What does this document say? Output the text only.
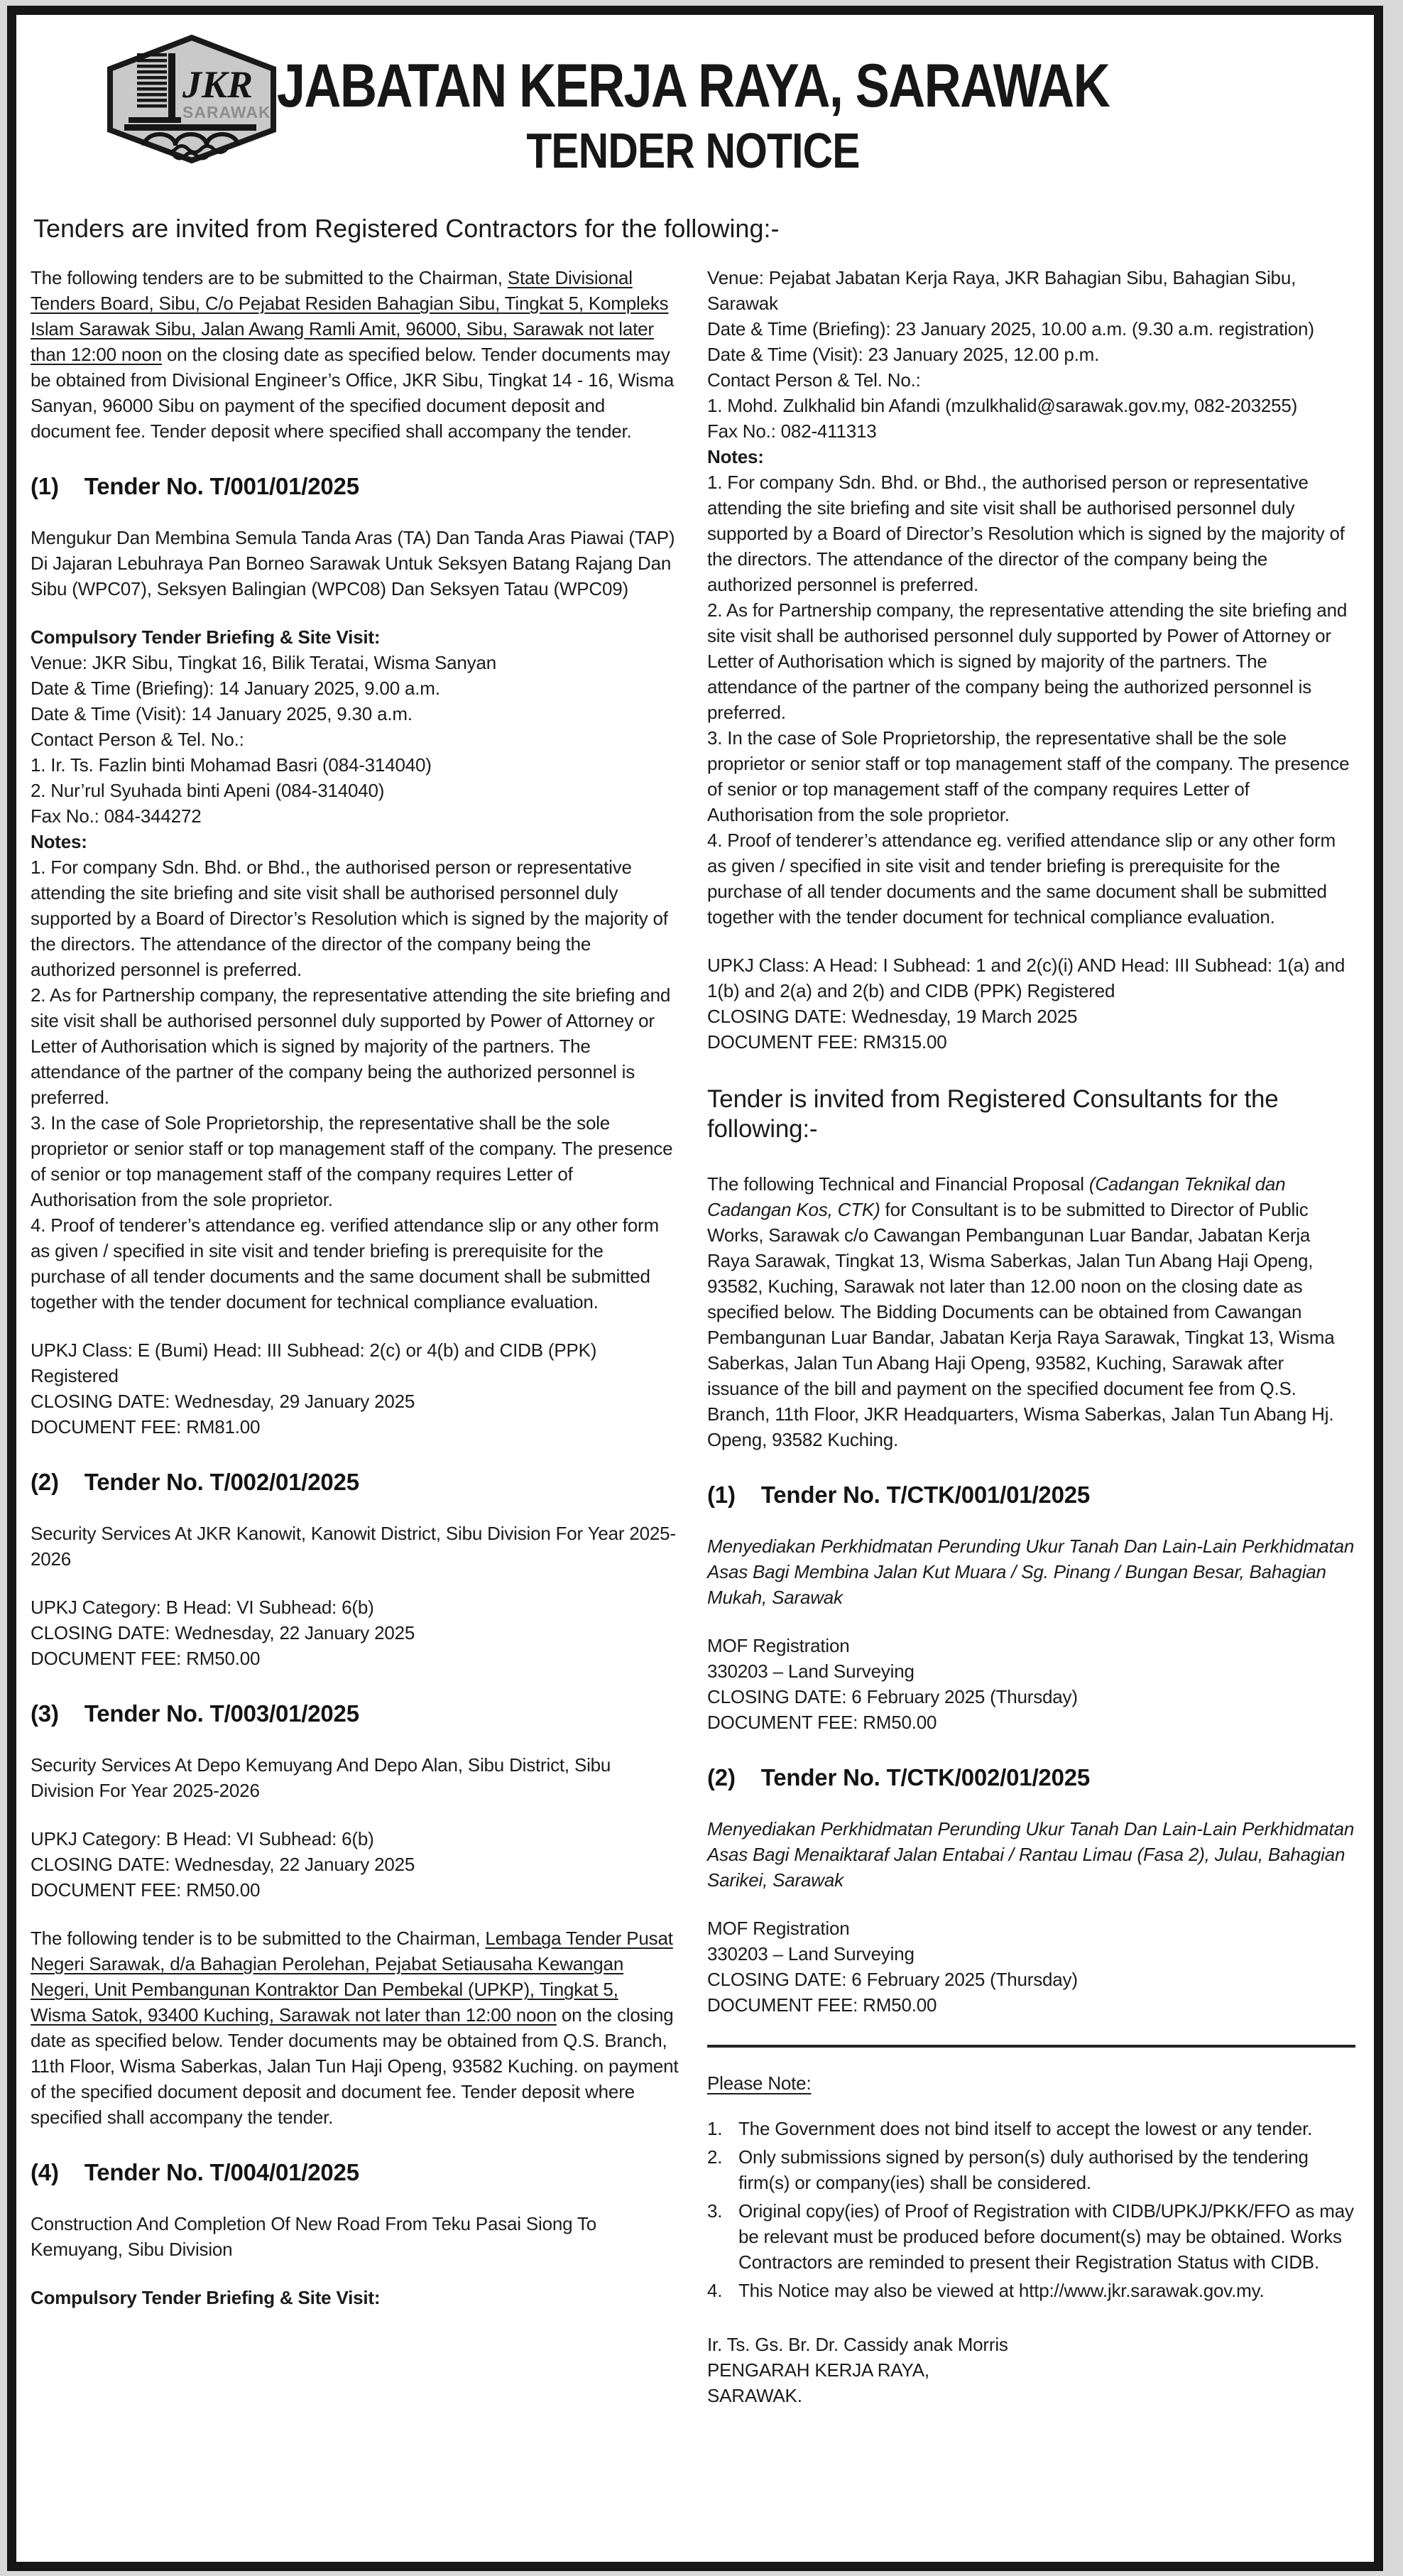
JKR
SARAWAK JABATAN KERJA RAYA, SARAWAK
TENDER NOTICE
Tenders are invited from Registered Contractors for the following:-

The following tenders are to be submitted to the Chairman, State Divisional Tenders Board, Sibu, C/o Pejabat Residen Bahagian Sibu, Tingkat 5, Kompleks Islam Sarawak Sibu, Jalan Awang Ramli Amit, 96000, Sibu, Sarawak not later than 12:00 noon on the closing date as specified below. Tender documents may be obtained from Divisional Engineer’s Office, JKR Sibu, Tingkat 14 - 16, Wisma Sanyan, 96000 Sibu on payment of the specified document deposit and document fee. Tender deposit where specified shall accompany the tender.

(1) Tender No. T/001/01/2025

Mengukur Dan Membina Semula Tanda Aras (TA) Dan Tanda Aras Piawai (TAP) Di Jajaran Lebuhraya Pan Borneo Sarawak Untuk Seksyen Batang Rajang Dan Sibu (WPC07), Seksyen Balingian (WPC08) Dan Seksyen Tatau (WPC09)

Compulsory Tender Briefing & Site Visit:

Venue: JKR Sibu, Tingkat 16, Bilik Teratai, Wisma Sanyan

Date & Time (Briefing): 14 January 2025, 9.00 a.m.

Date & Time (Visit): 14 January 2025, 9.30 a.m.

Contact Person & Tel. No.:

1. Ir. Ts. Fazlin binti Mohamad Basri (084-314040)

2. Nur’rul Syuhada binti Apeni (084-314040)

Fax No.: 084-344272

Notes:

1. For company Sdn. Bhd. or Bhd., the authorised person or representative attending the site briefing and site visit shall be authorised personnel duly supported by a Board of Director’s Resolution which is signed by the majority of the directors. The attendance of the director of the company being the authorized personnel is preferred.

2. As for Partnership company, the representative attending the site briefing and site visit shall be authorised personnel duly supported by Power of Attorney or Letter of Authorisation which is signed by majority of the partners. The attendance of the partner of the company being the authorized personnel is preferred.

3. In the case of Sole Proprietorship, the representative shall be the sole proprietor or senior staff or top management staff of the company. The presence of senior or top management staff of the company requires Letter of Authorisation from the sole proprietor.

4. Proof of tenderer’s attendance eg. verified attendance slip or any other form as given / specified in site visit and tender briefing is prerequisite for the purchase of all tender documents and the same document shall be submitted together with the tender document for technical compliance evaluation.

UPKJ Class: E (Bumi) Head: III Subhead: 2(c) or 4(b) and CIDB (PPK) Registered

CLOSING DATE: Wednesday, 29 January 2025

DOCUMENT FEE: RM81.00

(2) Tender No. T/002/01/2025

Security Services At JKR Kanowit, Kanowit District, Sibu Division For Year 2025-2026

UPKJ Category: B Head: VI Subhead: 6(b)

CLOSING DATE: Wednesday, 22 January 2025

DOCUMENT FEE: RM50.00

(3) Tender No. T/003/01/2025

Security Services At Depo Kemuyang And Depo Alan, Sibu District, Sibu Division For Year 2025-2026

UPKJ Category: B Head: VI Subhead: 6(b)

CLOSING DATE: Wednesday, 22 January 2025

DOCUMENT FEE: RM50.00

The following tender is to be submitted to the Chairman, Lembaga Tender Pusat Negeri Sarawak, d/a Bahagian Perolehan, Pejabat Setiausaha Kewangan Negeri, Unit Pembangunan Kontraktor Dan Pembekal (UPKP), Tingkat 5, Wisma Satok, 93400 Kuching, Sarawak not later than 12:00 noon on the closing date as specified below. Tender documents may be obtained from Q.S. Branch, 11th Floor, Wisma Saberkas, Jalan Tun Haji Openg, 93582 Kuching. on payment of the specified document deposit and document fee. Tender deposit where specified shall accompany the tender.

(4) Tender No. T/004/01/2025

Construction And Completion Of New Road From Teku Pasai Siong To Kemuyang, Sibu Division

Compulsory Tender Briefing & Site Visit:

Venue: Pejabat Jabatan Kerja Raya, JKR Bahagian Sibu, Bahagian Sibu, Sarawak

Date & Time (Briefing): 23 January 2025, 10.00 a.m. (9.30 a.m. registration)

Date & Time (Visit): 23 January 2025, 12.00 p.m.

Contact Person & Tel. No.:

1. Mohd. Zulkhalid bin Afandi (mzulkhalid@sarawak.gov.my, 082-203255)

Fax No.: 082-411313

Notes:

1. For company Sdn. Bhd. or Bhd., the authorised person or representative attending the site briefing and site visit shall be authorised personnel duly supported by a Board of Director’s Resolution which is signed by the majority of the directors. The attendance of the director of the company being the authorized personnel is preferred.

2. As for Partnership company, the representative attending the site briefing and site visit shall be authorised personnel duly supported by Power of Attorney or Letter of Authorisation which is signed by majority of the partners. The attendance of the partner of the company being the authorized personnel is preferred.

3. In the case of Sole Proprietorship, the representative shall be the sole proprietor or senior staff or top management staff of the company. The presence of senior or top management staff of the company requires Letter of Authorisation from the sole proprietor.

4. Proof of tenderer’s attendance eg. verified attendance slip or any other form as given / specified in site visit and tender briefing is prerequisite for the purchase of all tender documents and the same document shall be submitted together with the tender document for technical compliance evaluation.

UPKJ Class: A Head: I Subhead: 1 and 2(c)(i) AND Head: III Subhead: 1(a) and 1(b) and 2(a) and 2(b) and CIDB (PPK) Registered

CLOSING DATE: Wednesday, 19 March 2025

DOCUMENT FEE: RM315.00

Tender is invited from Registered Consultants for the following:-

The following Technical and Financial Proposal (Cadangan Teknikal dan Cadangan Kos, CTK) for Consultant is to be submitted to Director of Public Works, Sarawak c/o Cawangan Pembangunan Luar Bandar, Jabatan Kerja Raya Sarawak, Tingkat 13, Wisma Saberkas, Jalan Tun Abang Haji Openg, 93582, Kuching, Sarawak not later than 12.00 noon on the closing date as specified below. The Bidding Documents can be obtained from Cawangan Pembangunan Luar Bandar, Jabatan Kerja Raya Sarawak, Tingkat 13, Wisma Saberkas, Jalan Tun Abang Haji Openg, 93582, Kuching, Sarawak after issuance of the bill and payment on the specified document fee from Q.S. Branch, 11th Floor, JKR Headquarters, Wisma Saberkas, Jalan Tun Abang Hj. Openg, 93582 Kuching.

(1) Tender No. T/CTK/001/01/2025

Menyediakan Perkhidmatan Perunding Ukur Tanah Dan Lain-Lain Perkhidmatan Asas Bagi Membina Jalan Kut Muara / Sg. Pinang / Bungan Besar, Bahagian Mukah, Sarawak

MOF Registration

330203 – Land Surveying

CLOSING DATE: 6 February 2025 (Thursday)

DOCUMENT FEE: RM50.00

(2) Tender No. T/CTK/002/01/2025

Menyediakan Perkhidmatan Perunding Ukur Tanah Dan Lain-Lain Perkhidmatan Asas Bagi Menaiktaraf Jalan Entabai / Rantau Limau (Fasa 2), Julau, Bahagian Sarikei, Sarawak

MOF Registration

330203 – Land Surveying

CLOSING DATE: 6 February 2025 (Thursday)

DOCUMENT FEE: RM50.00

Please Note:
1. The Government does not bind itself to accept the lowest or any tender.
2. Only submissions signed by person(s) duly authorised by the tendering firm(s) or company(ies) shall be considered.
3. Original copy(ies) of Proof of Registration with CIDB/UPKJ/PKK/FFO as may be relevant must be produced before document(s) may be obtained. Works Contractors are reminded to present their Registration Status with CIDB.
4. This Notice may also be viewed at http://www.jkr.sarawak.gov.my.
Ir. Ts. Gs. Br. Dr. Cassidy anak Morris
PENGARAH KERJA RAYA,
SARAWAK.
